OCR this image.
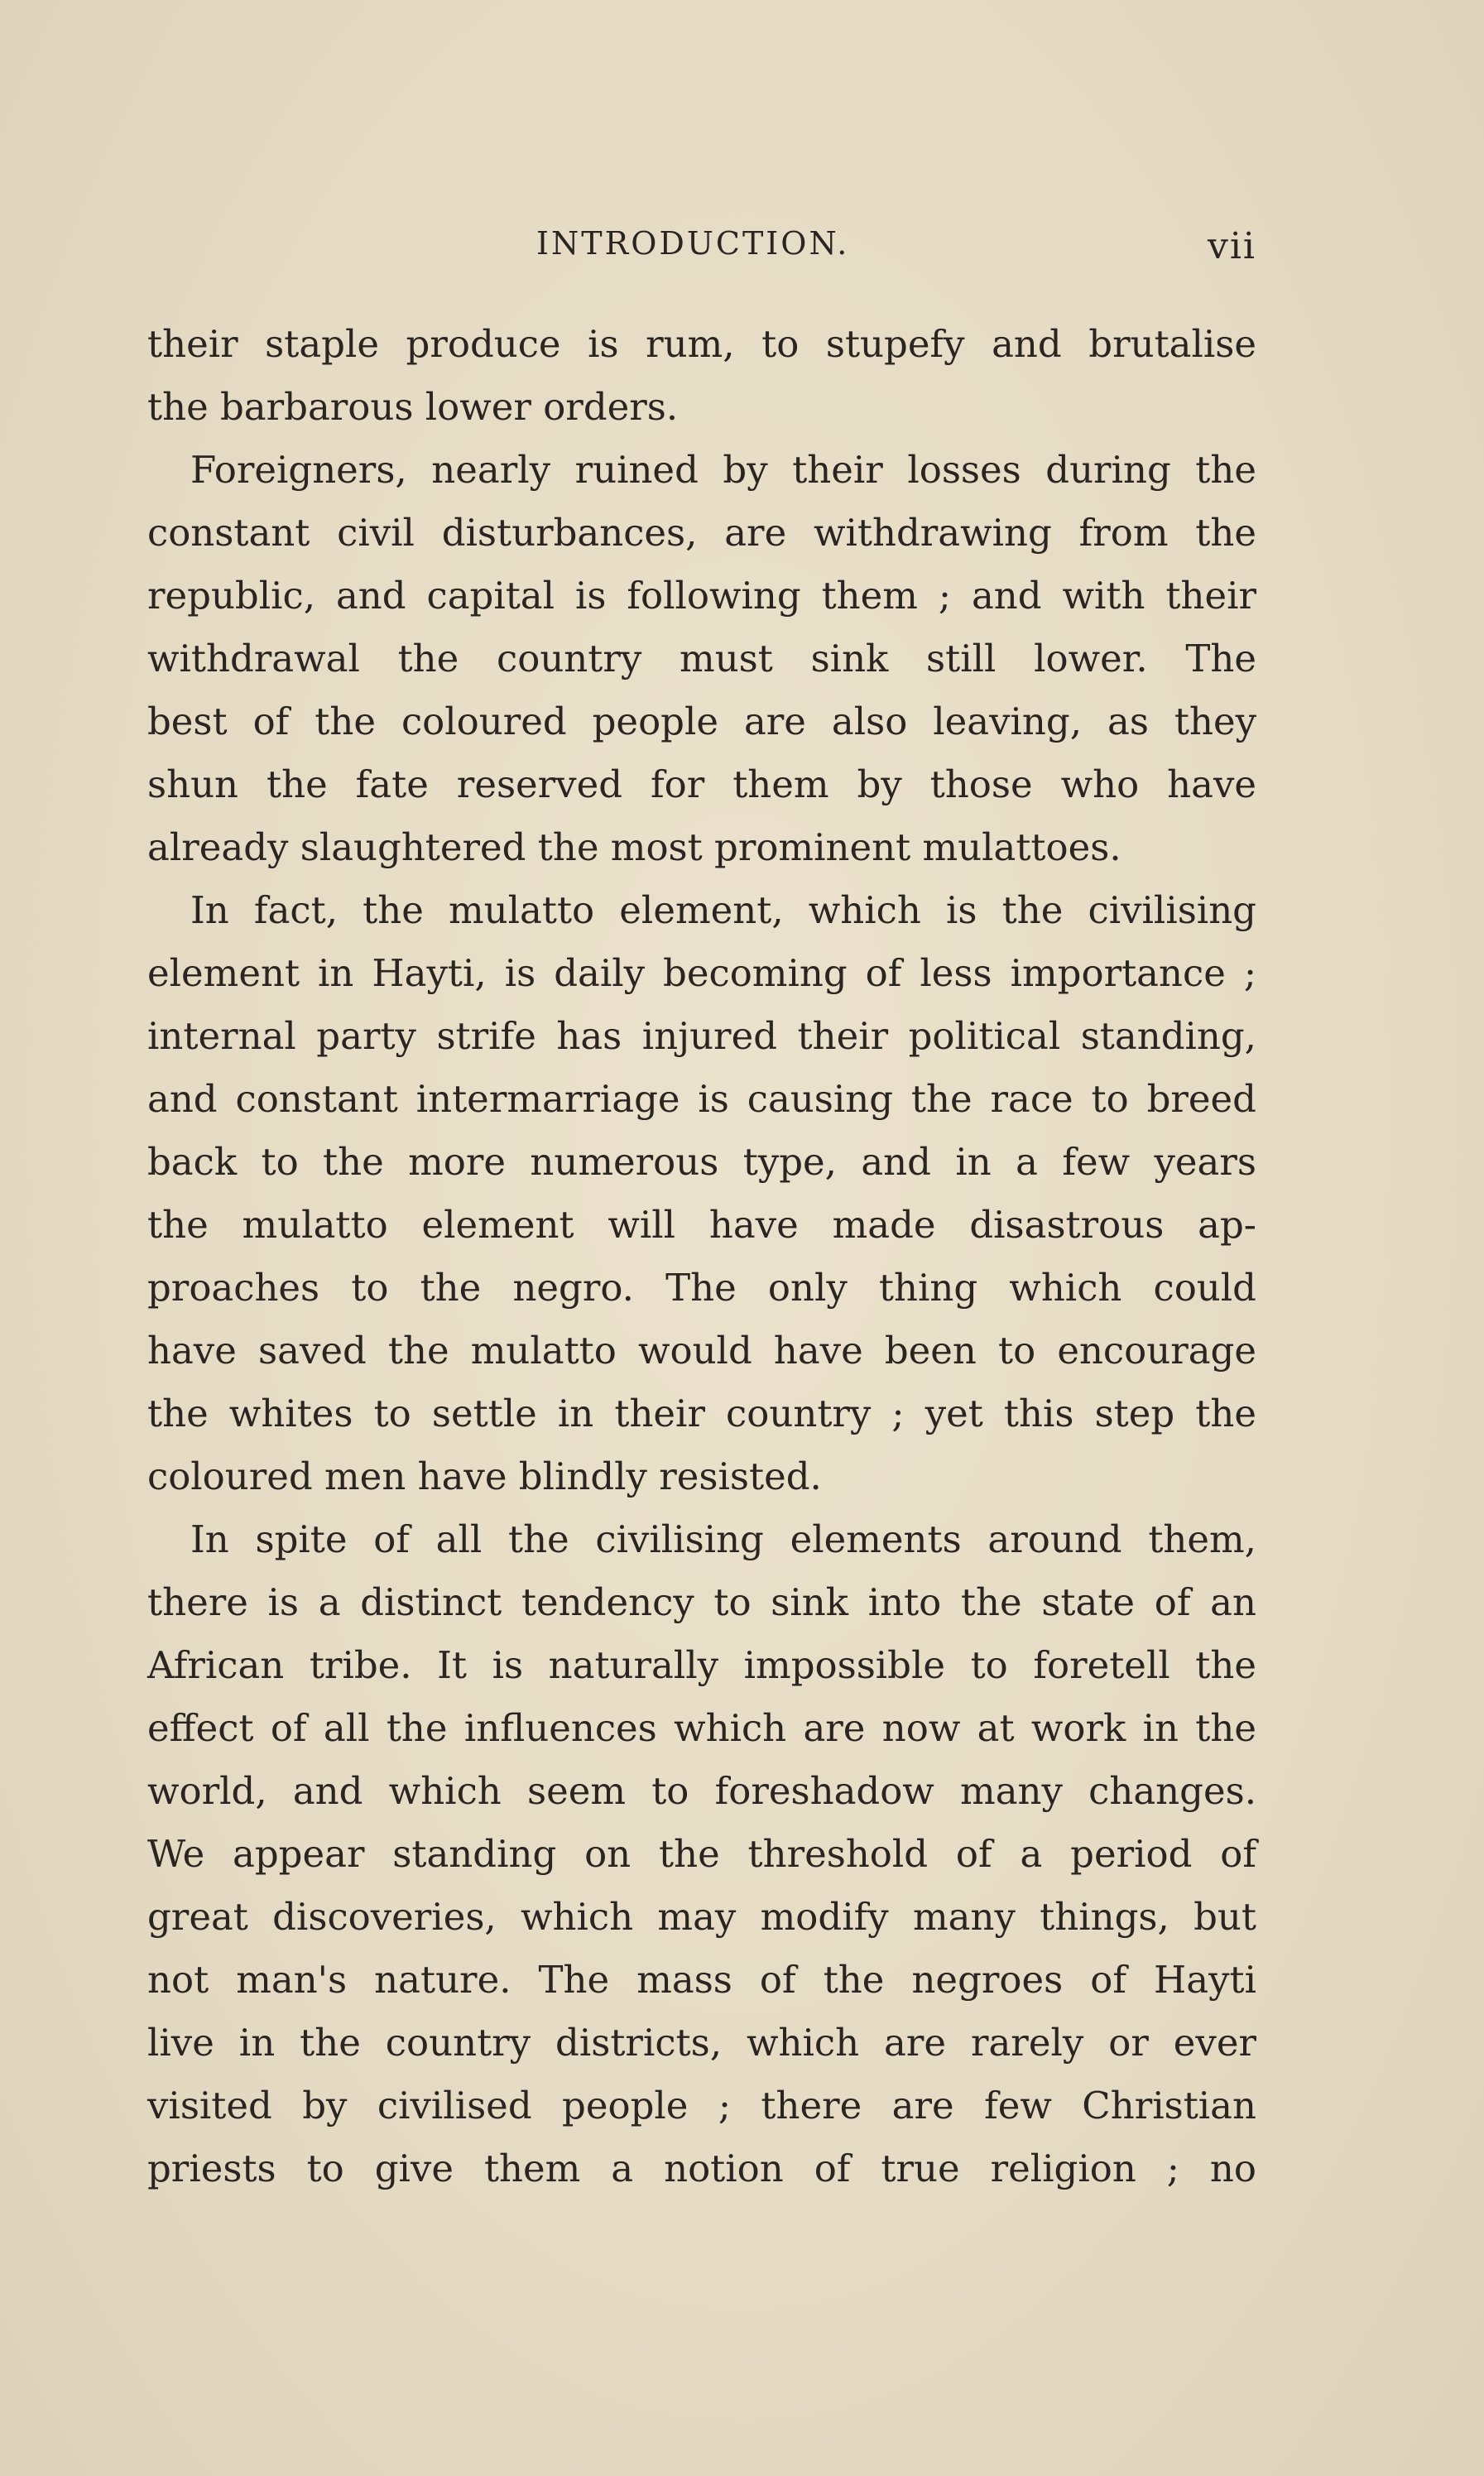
INTRODUCTION.	vii
their staple produce is rum, to stupefy and brutalise
the barbarous lower orders.
Foreigners, nearly ruined by their losses during the
constant civil disturbances, are withdrawing from the
republic, and capital is following them ; and with their
withdrawal the country must sink still lower. The
best of the coloured people are also leaving, as they
shun the fate reserved for them by those who have
already slaughtered the most prominent mulattoes.
In fact, the mulatto element, which is the civilising
element in Hayti, is daily becoming of less importance ;
internal party strife has injured their political standing,
and constant intermarriage is causing the race to breed
back to the more numerous type, and in a few years
the mulatto element will have made disastrous ap-
proaches to the negro. The only thing which could
have saved the mulatto would have been to encourage
the whites to settle in their country ; yet this step the
coloured men have blindly resisted.
In spite of all the civilising elements around them,
there is a distinct tendency to sink into the state of an
African tribe. It is naturally impossible to foretell the
effect of all the influences which are now at work in the
world, and which seem to foreshadow many changes.
We appear standing on the threshold of a period of
great discoveries, which may modify many things, but
not man's nature. The mass of the negroes of Hayti
live in the country districts, which are rarely or ever
visited by civilised people ; there are few Christian
priests to give them a notion of true religion ; no
